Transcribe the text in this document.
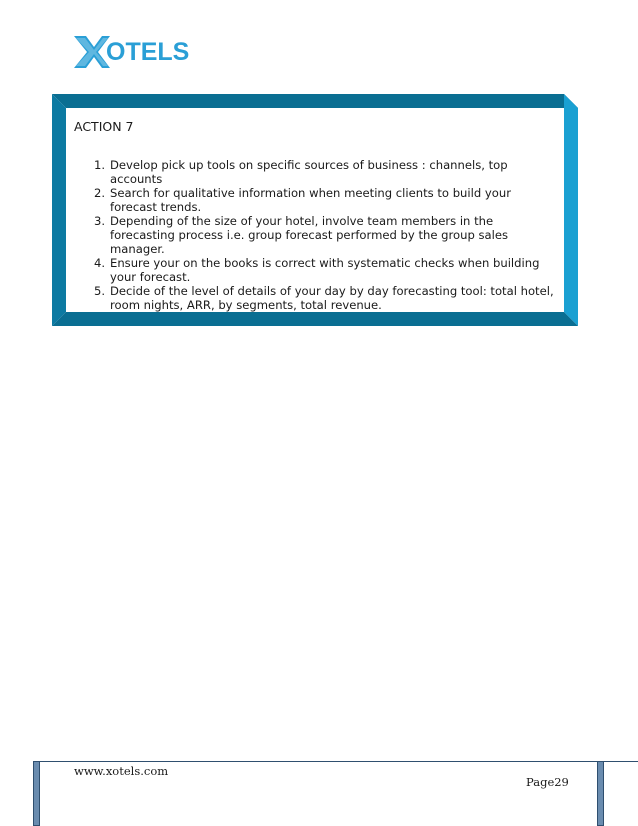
OTELS
ACTION 7
1. Develop pick up tools on specific sources of business : channels, top accounts
2. Search for qualitative information when meeting clients to build your forecast trends.
3. Depending of the size of your hotel, involve team members in the forecasting process i.e. group forecast performed by the group sales manager.
4. Ensure your on the books is correct with systematic checks when building your forecast.
5. Decide of the level of details of your day by day forecasting tool: total hotel, room nights, ARR, by segments, total revenue.
www.xotels.com
Page29
